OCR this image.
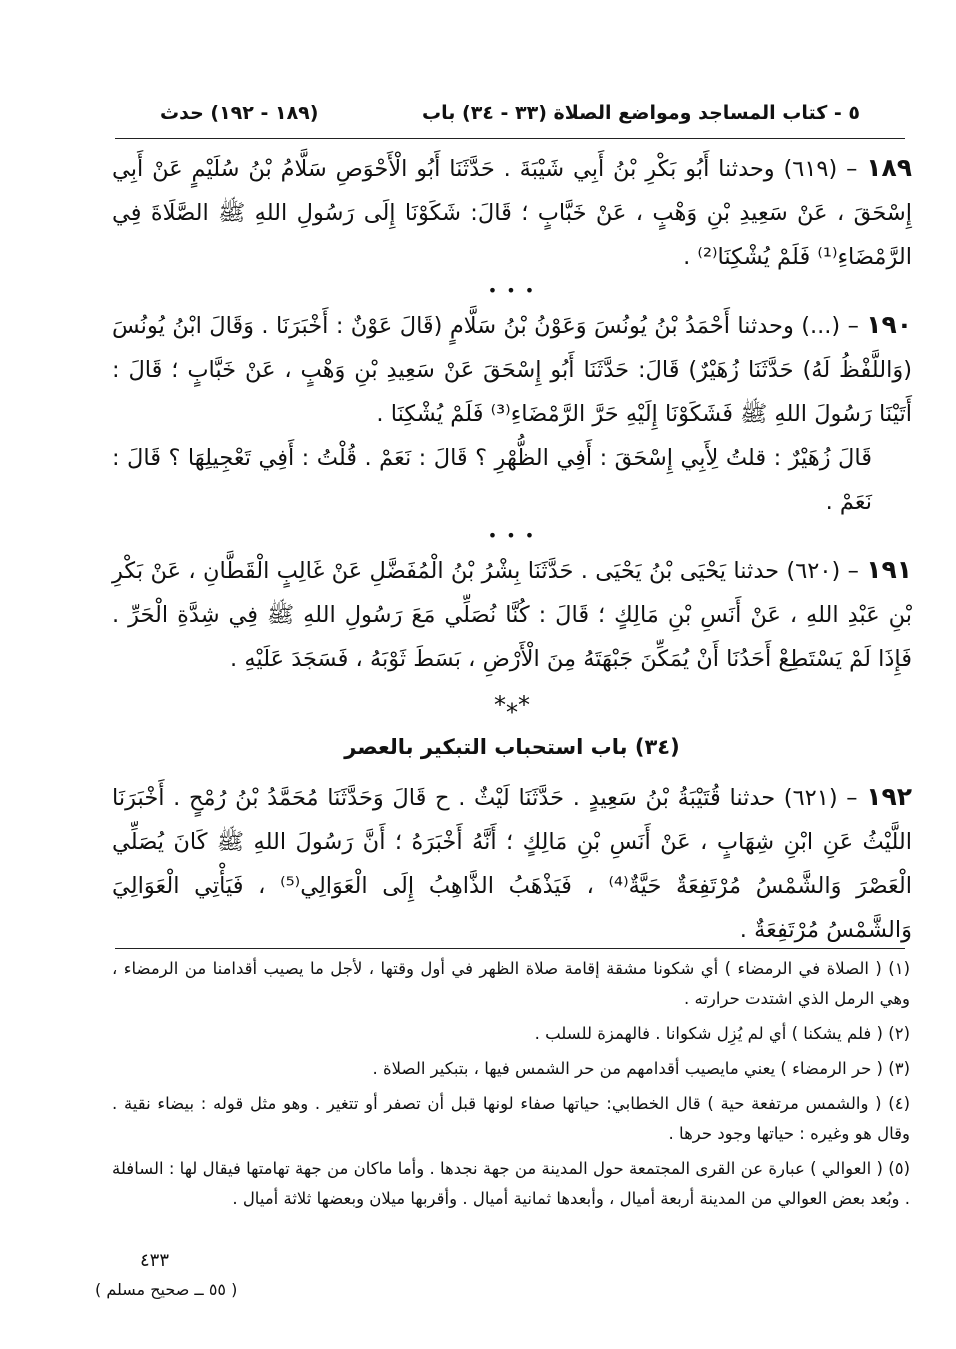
٥ - كتاب المساجد ومواضع الصلاة (٣٣ - ٣٤) باب
(١٨٩ - ١٩٢) حدث

١٨٩ – (٦١٩) وحدثنا أَبُو بَكْرِ بْنُ أَبِي شَيْبَةَ . حَدَّثَنَا أَبُو الْأَحْوَصِ سَلَّامُ بْنُ سُلَيْمٍ عَنْ أَبِي إِسْحَقَ ، عَنْ سَعِيدِ بْنِ وَهْبٍ ، عَنْ خَبَّابٍ ؛ قَالَ: شَكَوْنَا إِلَى رَسُولِ اللهِ ﷺ الصَّلَاةَ فِي الرَّمْضَاءِ⁽¹⁾ فَلَمْ يُشْكِنَا⁽²⁾ .

• • •

١٩٠ – (...) وحدثنا أَحْمَدُ بْنُ يُونُسَ وَعَوْنُ بْنُ سَلَّامٍ (قَالَ عَوْنٌ : أَخْبَرَنَا . وَقَالَ ابْنُ يُونُسَ (وَاللَّفْظُ لَهُ) حَدَّثَنَا زُهَيْرٌ) قَالَ: حَدَّثَنَا أَبُو إِسْحَقَ عَنْ سَعِيدِ بْنِ وَهْبٍ ، عَنْ خَبَّابٍ ؛ قَالَ : أَتَيْنَا رَسُولَ اللهِ ﷺ فَشَكَوْنَا إِلَيْهِ حَرَّ الرَّمْضَاءِ⁽³⁾ فَلَمْ يُشْكِنَا .

قَالَ زُهَيْرٌ : قلتُ لِأَبِي إِسْحَقَ : أَفِي الظُّهْرِ ؟ قَالَ : نَعَمْ . قُلْتُ : أَفِي تَعْجِيلِهَا ؟ قَالَ : نَعَمْ .

• • •

١٩١ – (٦٢٠) حدثنا يَحْيَى بْنُ يَحْيَى . حَدَّثَنَا بِشْرُ بْنُ الْمُفَضَّلِ عَنْ غَالِبٍ الْقَطَّانِ ، عَنْ بَكْرِ بْنِ عَبْدِ اللهِ ، عَنْ أَنَسِ بْنِ مَالِكٍ ؛ قَالَ : كُنَّا نُصَلِّي مَعَ رَسُولِ اللهِ ﷺ فِي شِدَّةِ الْحَرِّ . فَإِذَا لَمْ يَسْتَطِعْ أَحَدُنَا أَنْ يُمَكِّنَ جَبْهَتَهُ مِنَ الْأَرْضِ ، بَسَطَ ثَوْبَهُ ، فَسَجَدَ عَلَيْهِ .

*⁎*
(٣٤) باب استحباب التبكير بالعصر

١٩٢ – (٦٢١) حدثنا قُتَيْبَةُ بْنُ سَعِيدٍ . حَدَّثَنَا لَيْثٌ . ح قَالَ وَحَدَّثَنَا مُحَمَّدُ بْنُ رُمْحٍ . أَخْبَرَنَا اللَّيْثُ عَنِ ابْنِ شِهَابٍ ، عَنْ أَنَسِ بْنِ مَالِكٍ ؛ أَنَّهُ أَخْبَرَهُ ؛ أَنَّ رَسُولَ اللهِ ﷺ كَانَ يُصَلِّي الْعَصْرَ وَالشَّمْسُ مُرْتَفِعَةٌ حَيَّةٌ⁽⁴⁾ ، فَيَذْهَبُ الذَّاهِبُ إِلَى الْعَوَالِي⁽⁵⁾ ، فَيَأْتِي الْعَوَالِيَ وَالشَّمْسُ مُرْتَفِعَةٌ .

(١) ( الصلاة في الرمضاء ) أي شكونا مشقة إقامة صلاة الظهر في أول وقتها ، لأجل ما يصيب أقدامنا من الرمضاء ، وهي الرمل الذي اشتدت حرارته .

(٢) ( فلم يشكنا ) أي لم يُزِل شكوانا . فالهمزة للسلب .

(٣) ( حر الرمضاء ) يعني مايصيب أقدامهم من حر الشمس فيها ، بتبكير الصلاة .

(٤) ( والشمس مرتفعة حية ) قال الخطابي: حياتها صفاء لونها قبل أن تصفر أو تتغير . وهو مثل قوله : بيضاء نقية . وقال هو وغيره : حياتها وجود حرها .

(٥) ( العوالي ) عبارة عن القرى المجتمعة حول المدينة من جهة نجدها . وأما ماكان من جهة تهامتها فيقال لها : السافلة . وبُعد بعض العوالي من المدينة أربعة أميال ، وأبعدها ثمانية أميال . وأقربها ميلان وبعضها ثلاثة أميال .

٤٣٣
( ٥٥ ــ صحيح مسلم )
